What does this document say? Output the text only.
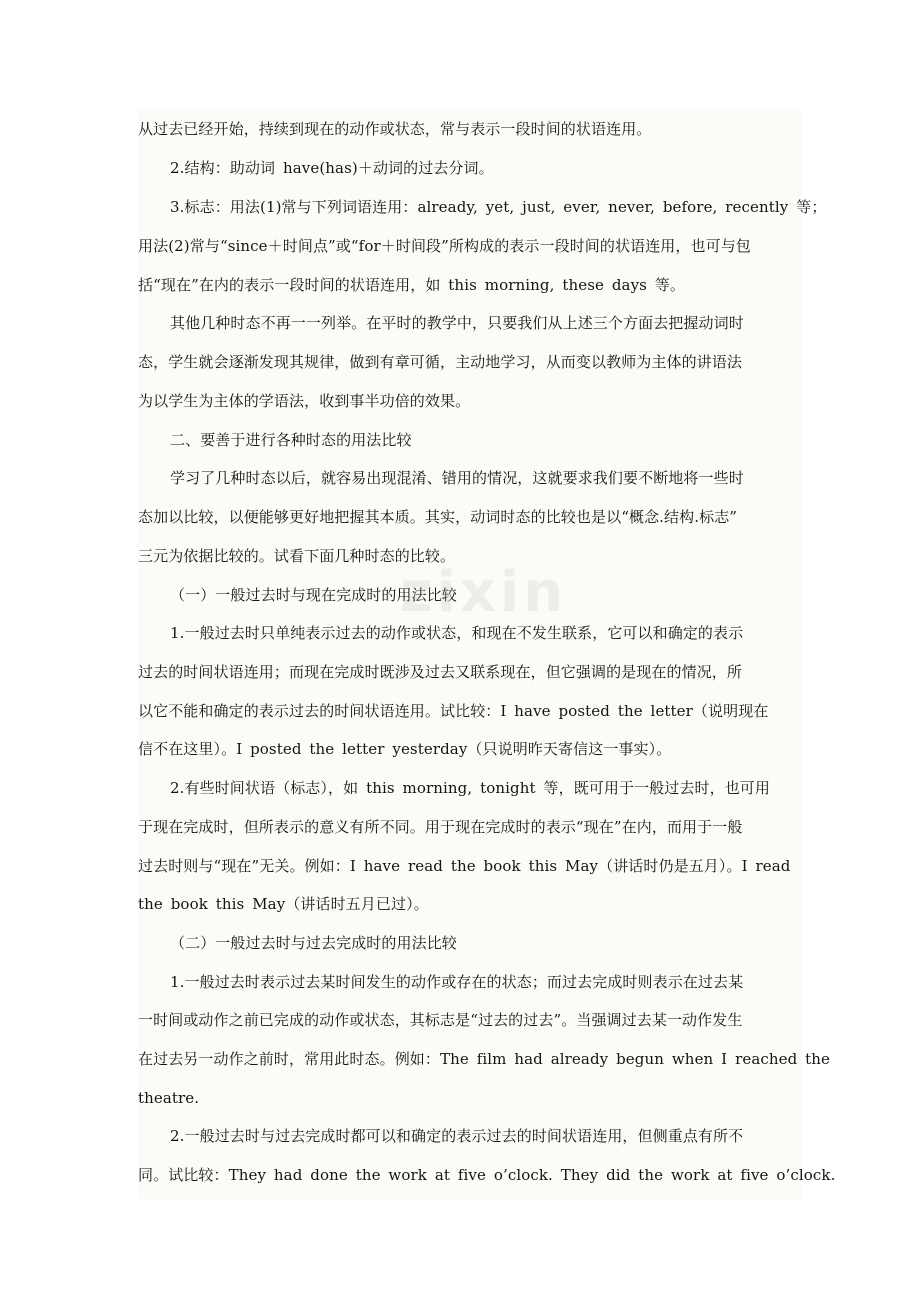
从过去已经开始，持续到现在的动作或状态，常与表示一段时间的状语连用。
2.结构：助动词 have(has)＋动词的过去分词。
3.标志：用法(1)常与下列词语连用：already, yet, just, ever, never, before, recently 等；
用法(2)常与“since＋时间点”或“for＋时间段”所构成的表示一段时间的状语连用，也可与包
括“现在”在内的表示一段时间的状语连用，如 this morning, these days 等。
其他几种时态不再一一列举。在平时的教学中，只要我们从上述三个方面去把握动词时
态，学生就会逐渐发现其规律，做到有章可循，主动地学习，从而变以教师为主体的讲语法
为以学生为主体的学语法，收到事半功倍的效果。
二、要善于进行各种时态的用法比较
学习了几种时态以后，就容易出现混淆、错用的情况，这就要求我们要不断地将一些时
态加以比较，以便能够更好地把握其本质。其实，动词时态的比较也是以“概念.结构.标志”
三元为依据比较的。试看下面几种时态的比较。
（一）一般过去时与现在完成时的用法比较
1.一般过去时只单纯表示过去的动作或状态，和现在不发生联系，它可以和确定的表示
过去的时间状语连用；而现在完成时既涉及过去又联系现在，但它强调的是现在的情况，所
以它不能和确定的表示过去的时间状语连用。试比较：I have posted the letter（说明现在
信不在这里）。I posted the letter yesterday（只说明昨天寄信这一事实）。
2.有些时间状语（标志），如 this morning, tonight 等，既可用于一般过去时，也可用
于现在完成时，但所表示的意义有所不同。用于现在完成时的表示“现在”在内，而用于一般
过去时则与“现在”无关。例如：I have read the book this May（讲话时仍是五月）。I read
the book this May（讲话时五月已过）。
（二）一般过去时与过去完成时的用法比较
1.一般过去时表示过去某时间发生的动作或存在的状态；而过去完成时则表示在过去某
一时间或动作之前已完成的动作或状态，其标志是“过去的过去”。当强调过去某一动作发生
在过去另一动作之前时，常用此时态。例如：The film had already begun when I reached the
theatre.
2.一般过去时与过去完成时都可以和确定的表示过去的时间状语连用，但侧重点有所不
同。试比较：They had done the work at five o’clock. They did the work at five o’clock.
